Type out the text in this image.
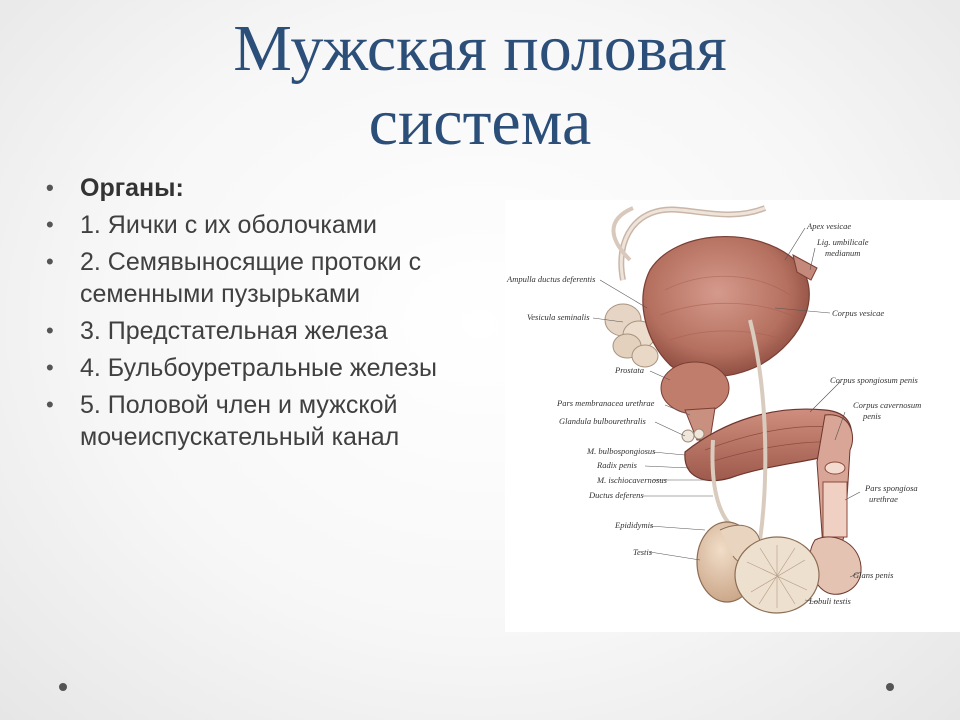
Мужская половая
система
• Органы:
• 1. Яички с их оболочками
• 2. Семявыносящие протоки с семенными пузырьками
• 3. Предстательная железа
• 4. Бульбоуретральные железы
• 5. Половой член и мужской мочеиспускательный канал
Apex vesicae
Lig. umbilicale
medianum
Ampulla ductus deferentis
Vesicula seminalis	Corpus vesicae
Prostata
Corpus spongiosum penis
Pars membranacea urethrae	Corpus cavernosum
penis
Glandula bulbourethralis
M. bulbospongiosus
Radix penis
M. ischiocavernosus
Pars spongiosa
urethrae
Ductus deferens
Epididymis
Testis
Glans penis
Lobuli testis
